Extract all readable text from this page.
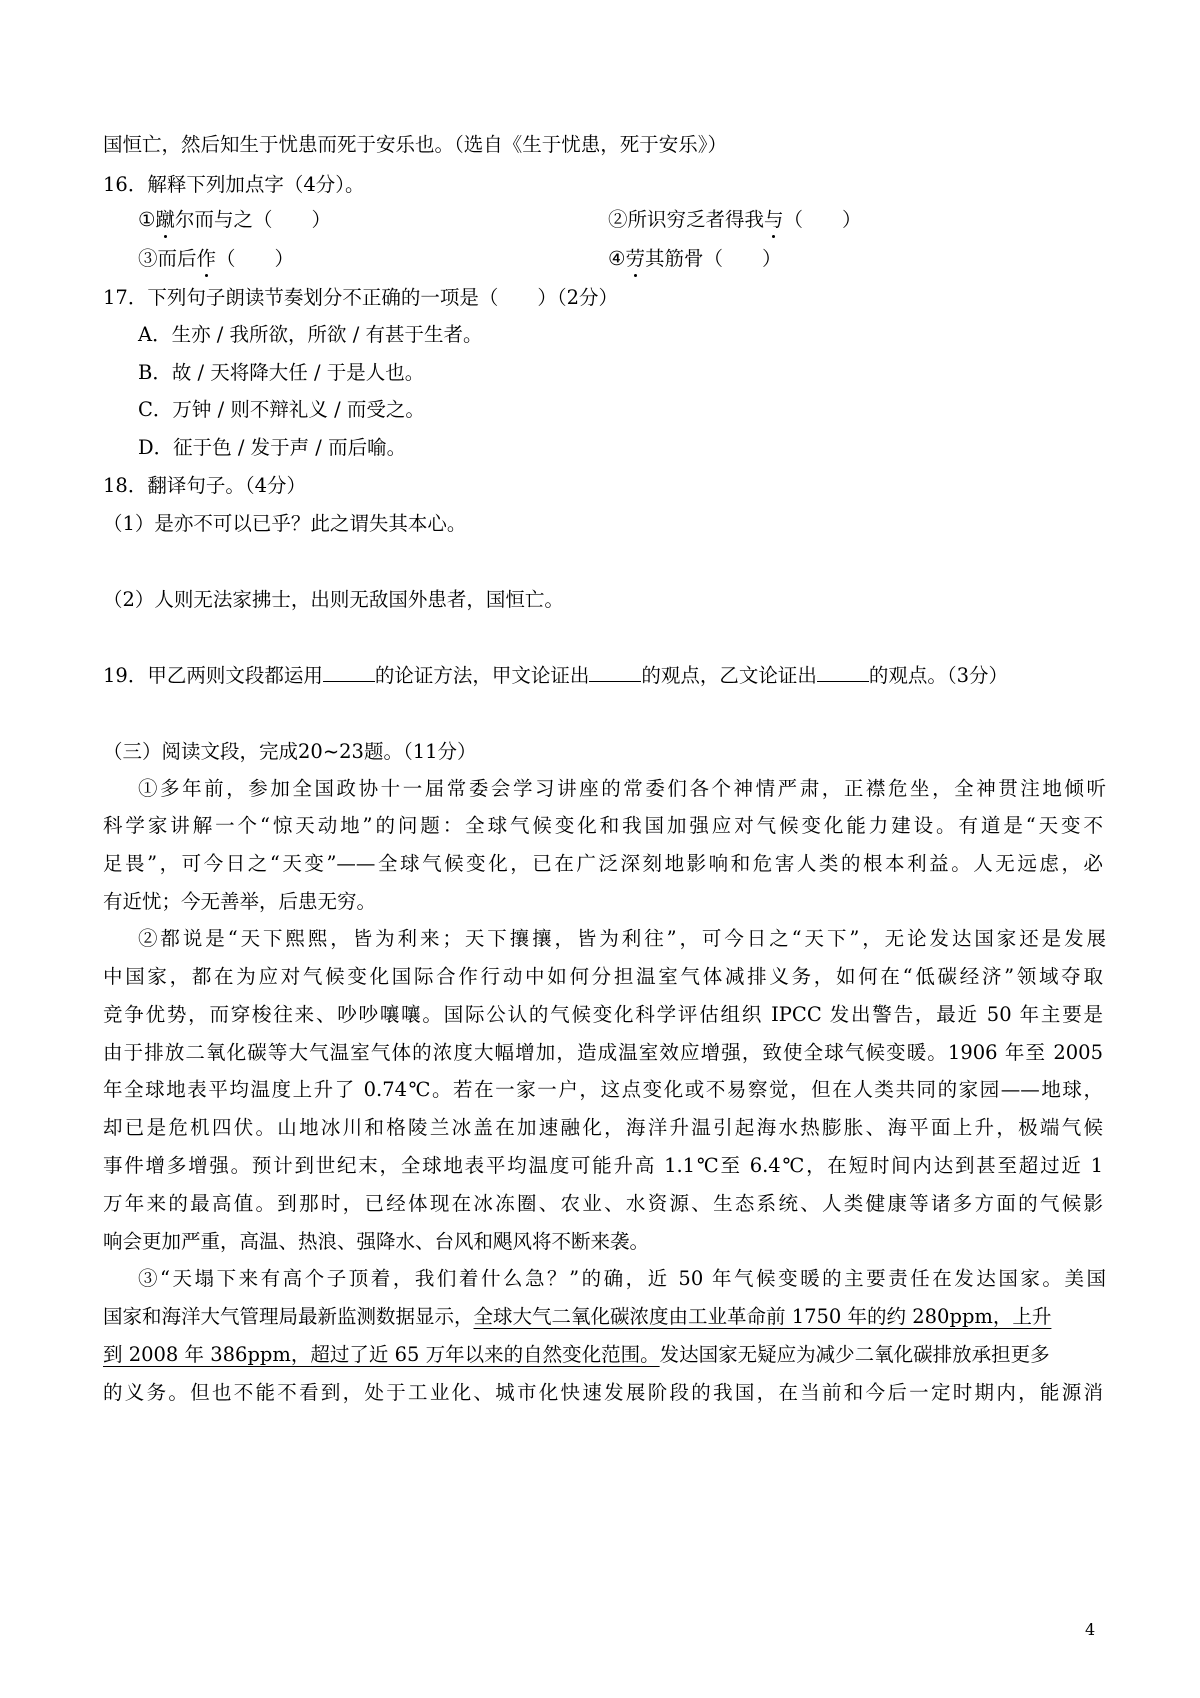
国恒亡，然后知生于忧患而死于安乐也。（选自《生于忧患，死于安乐》）
16．解释下列加点字（4分）。
①蹴尔而与之（　　）	②所识穷乏者得我与（　　）
③而后作（　　）	④劳其筋骨（　　）
17．下列句子朗读节奏划分不正确的一项是（　　）（2分）
A．生亦 / 我所欲，所欲 / 有甚于生者。
B．故 / 天将降大任 / 于是人也。
C．万钟 / 则不辩礼义 / 而受之。
D．征于色 / 发于声 / 而后喻。
18．翻译句子。（4分）
（1）是亦不可以已乎？此之谓失其本心。
（2）人则无法家拂士，出则无敌国外患者，国恒亡。
19．甲乙两则文段都运用	的论证方法，甲文论证出	的观点，乙文论证出	的观点。（3分）
（三）阅读文段，完成20~23题。（11分）
①多年前，参加全国政协十一届常委会学习讲座的常委们各个神情严肃，正襟危坐，全神贯注地倾听
科学家讲解一个“惊天动地”的问题：全球气候变化和我国加强应对气候变化能力建设。有道是“天变不
足畏”，可今日之“天变”——全球气候变化，已在广泛深刻地影响和危害人类的根本利益。人无远虑，必
有近忧；今无善举，后患无穷。
②都说是“天下熙熙，皆为利来；天下攘攘，皆为利往”，可今日之“天下”，无论发达国家还是发展
中国家，都在为应对气候变化国际合作行动中如何分担温室气体减排义务，如何在“低碳经济”领域夺取
竞争优势，而穿梭往来、吵吵嚷嚷。国际公认的气候变化科学评估组织 IPCC 发出警告，最近 50 年主要是
由于排放二氧化碳等大气温室气体的浓度大幅增加，造成温室效应增强，致使全球气候变暖。1906 年至 2005
年全球地表平均温度上升了 0.74℃。若在一家一户，这点变化或不易察觉，但在人类共同的家园——地球，
却已是危机四伏。山地冰川和格陵兰冰盖在加速融化，海洋升温引起海水热膨胀、海平面上升，极端气候
事件增多增强。预计到世纪末，全球地表平均温度可能升高 1.1℃至 6.4℃，在短时间内达到甚至超过近 1
万年来的最高值。到那时，已经体现在冰冻圈、农业、水资源、生态系统、人类健康等诸多方面的气候影
响会更加严重，高温、热浪、强降水、台风和飓风将不断来袭。
③“天塌下来有高个子顶着，我们着什么急？”的确，近 50 年气候变暖的主要责任在发达国家。美国
国家和海洋大气管理局最新监测数据显示，全球大气二氧化碳浓度由工业革命前 1750 年的约 280ppm，上升
到 2008 年 386ppm，超过了近 65 万年以来的自然变化范围。发达国家无疑应为减少二氧化碳排放承担更多
的义务。但也不能不看到，处于工业化、城市化快速发展阶段的我国，在当前和今后一定时期内，能源消
4
